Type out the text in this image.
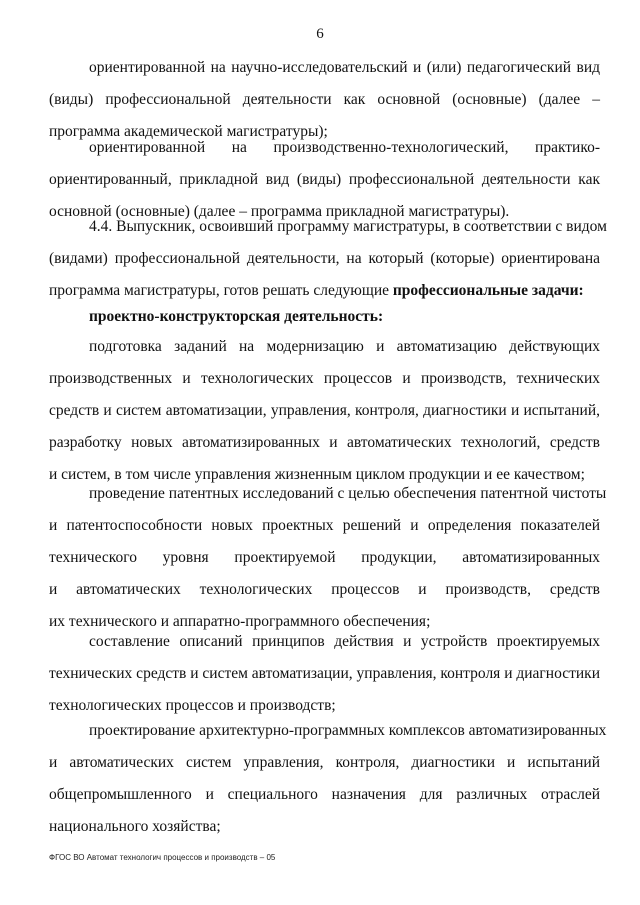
6
ориентированной на научно-исследовательский и (или) педагогический вид
(виды) профессиональной деятельности как основной (основные) (далее –
программа академической магистратуры);
ориентированной на производственно-технологический, практико-
ориентированный, прикладной вид (виды) профессиональной деятельности как
основной (основные) (далее – программа прикладной магистратуры).
4.4. Выпускник, освоивший программу магистратуры, в соответствии с видом
(видами) профессиональной деятельности, на который (которые) ориентирована
программа магистратуры, готов решать следующие профессиональные задачи:
проектно-конструкторская деятельность:
подготовка заданий на модернизацию и автоматизацию действующих
производственных и технологических процессов и производств, технических
средств и систем автоматизации, управления, контроля, диагностики и испытаний,
разработку новых автоматизированных и автоматических технологий, средств
и систем, в том числе управления жизненным циклом продукции и ее качеством;
проведение патентных исследований с целью обеспечения патентной чистоты
и патентоспособности новых проектных решений и определения показателей
технического уровня проектируемой продукции, автоматизированных
и автоматических технологических процессов и производств, средств
их технического и аппаратно-программного обеспечения;
составление описаний принципов действия и устройств проектируемых
технических средств и систем автоматизации, управления, контроля и диагностики
технологических процессов и производств;
проектирование архитектурно-программных комплексов автоматизированных
и автоматических систем управления, контроля, диагностики и испытаний
общепромышленного и специального назначения для различных отраслей
национального хозяйства;
ФГОС ВО Автомат технологич процессов и производств – 05
